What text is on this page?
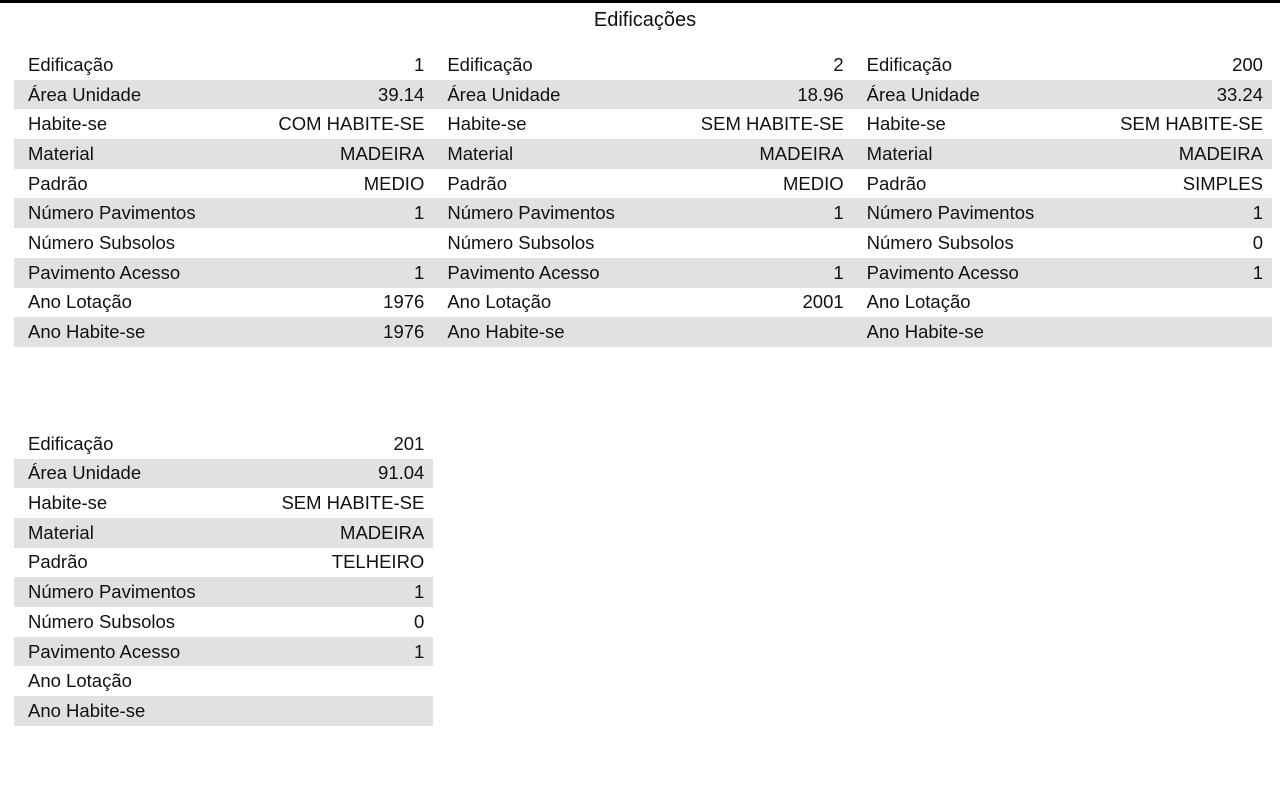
Edificações
Edificação	1
Área Unidade	39.14
Habite-se	COM HABITE-SE
Material	MADEIRA
Padrão	MEDIO
Número Pavimentos	1
Número Subsolos
Pavimento Acesso	1
Ano Lotação	1976
Ano Habite-se	1976
Edificação	2
Área Unidade	18.96
Habite-se	SEM HABITE-SE
Material	MADEIRA
Padrão	MEDIO
Número Pavimentos	1
Número Subsolos
Pavimento Acesso	1
Ano Lotação	2001
Ano Habite-se
Edificação	200
Área Unidade	33.24
Habite-se	SEM HABITE-SE
Material	MADEIRA
Padrão	SIMPLES
Número Pavimentos	1
Número Subsolos	0
Pavimento Acesso	1
Ano Lotação
Ano Habite-se
Edificação	201
Área Unidade	91.04
Habite-se	SEM HABITE-SE
Material	MADEIRA
Padrão	TELHEIRO
Número Pavimentos	1
Número Subsolos	0
Pavimento Acesso	1
Ano Lotação
Ano Habite-se
